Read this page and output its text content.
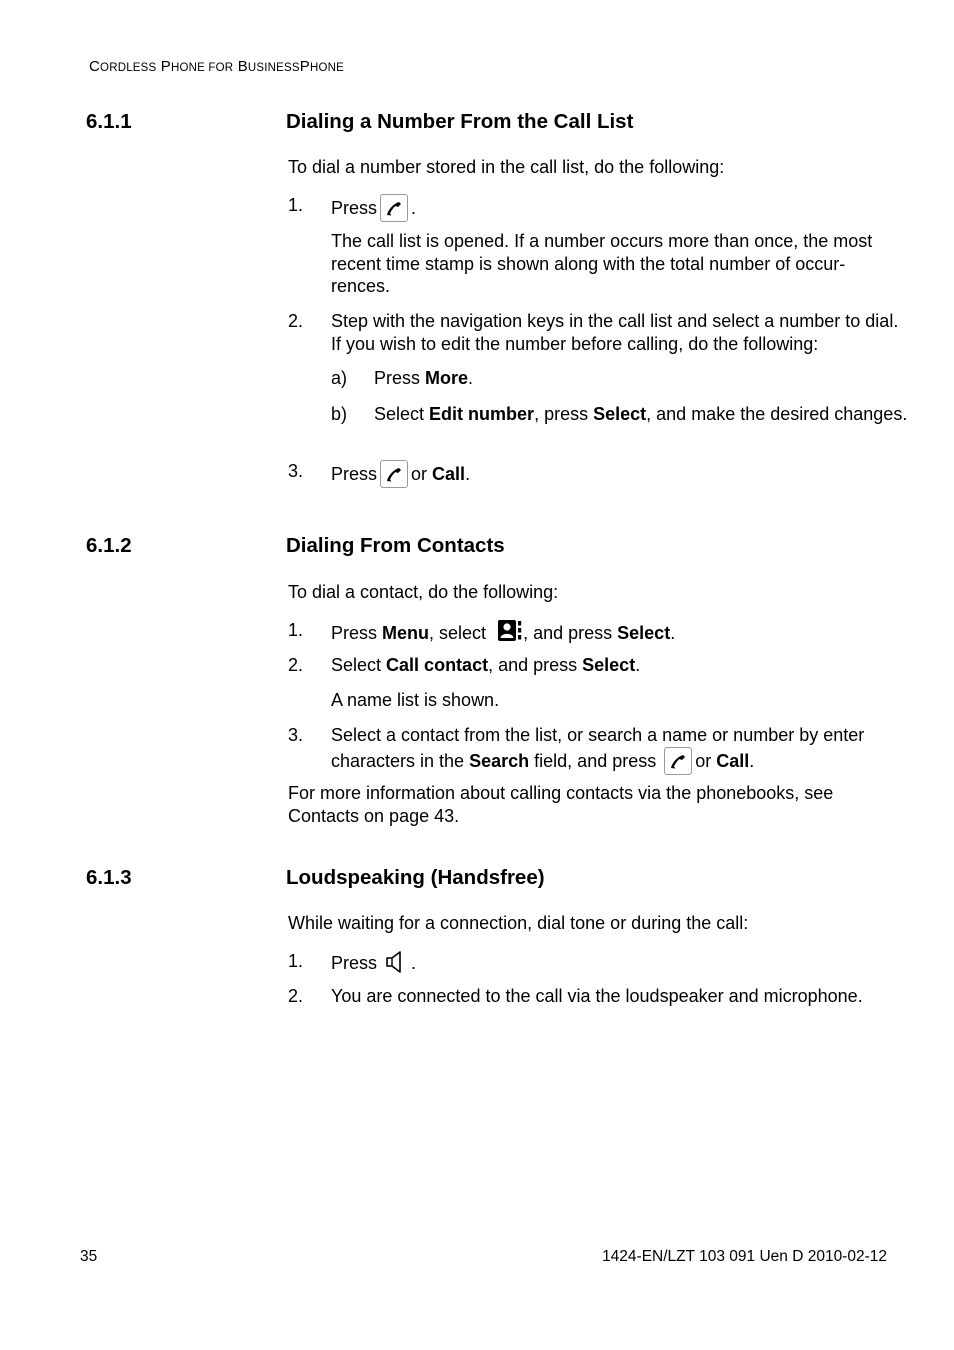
CORDLESS PHONE FOR BUSINESSPHONE
6.1.1	Dialing a Number From the Call List
To dial a number stored in the call list, do the following:
1. Press .
The call list is opened. If a number occurs more than once, the most recent time stamp is shown along with the total number of occur-rences.
2. Step with the navigation keys in the call list and select a number to dial. If you wish to edit the number before calling, do the following:
a) Press More.
b) Select Edit number, press Select, and make the desired changes.
3. Press or Call.
6.1.2	Dialing From Contacts
To dial a contact, do the following:
1. Press Menu, select , and press Select.
2. Select Call contact, and press Select.
A name list is shown.
3. Select a contact from the list, or search a name or number by enter characters in the Search field, and press or Call.
For more information about calling contacts via the phonebooks, see Contacts on page 43.
6.1.3	Loudspeaking (Handsfree)
While waiting for a connection, dial tone or during the call:
1. Press .
2. You are connected to the call via the loudspeaker and microphone.
35	1424-EN/LZT 103 091 Uen D 2010-02-12
